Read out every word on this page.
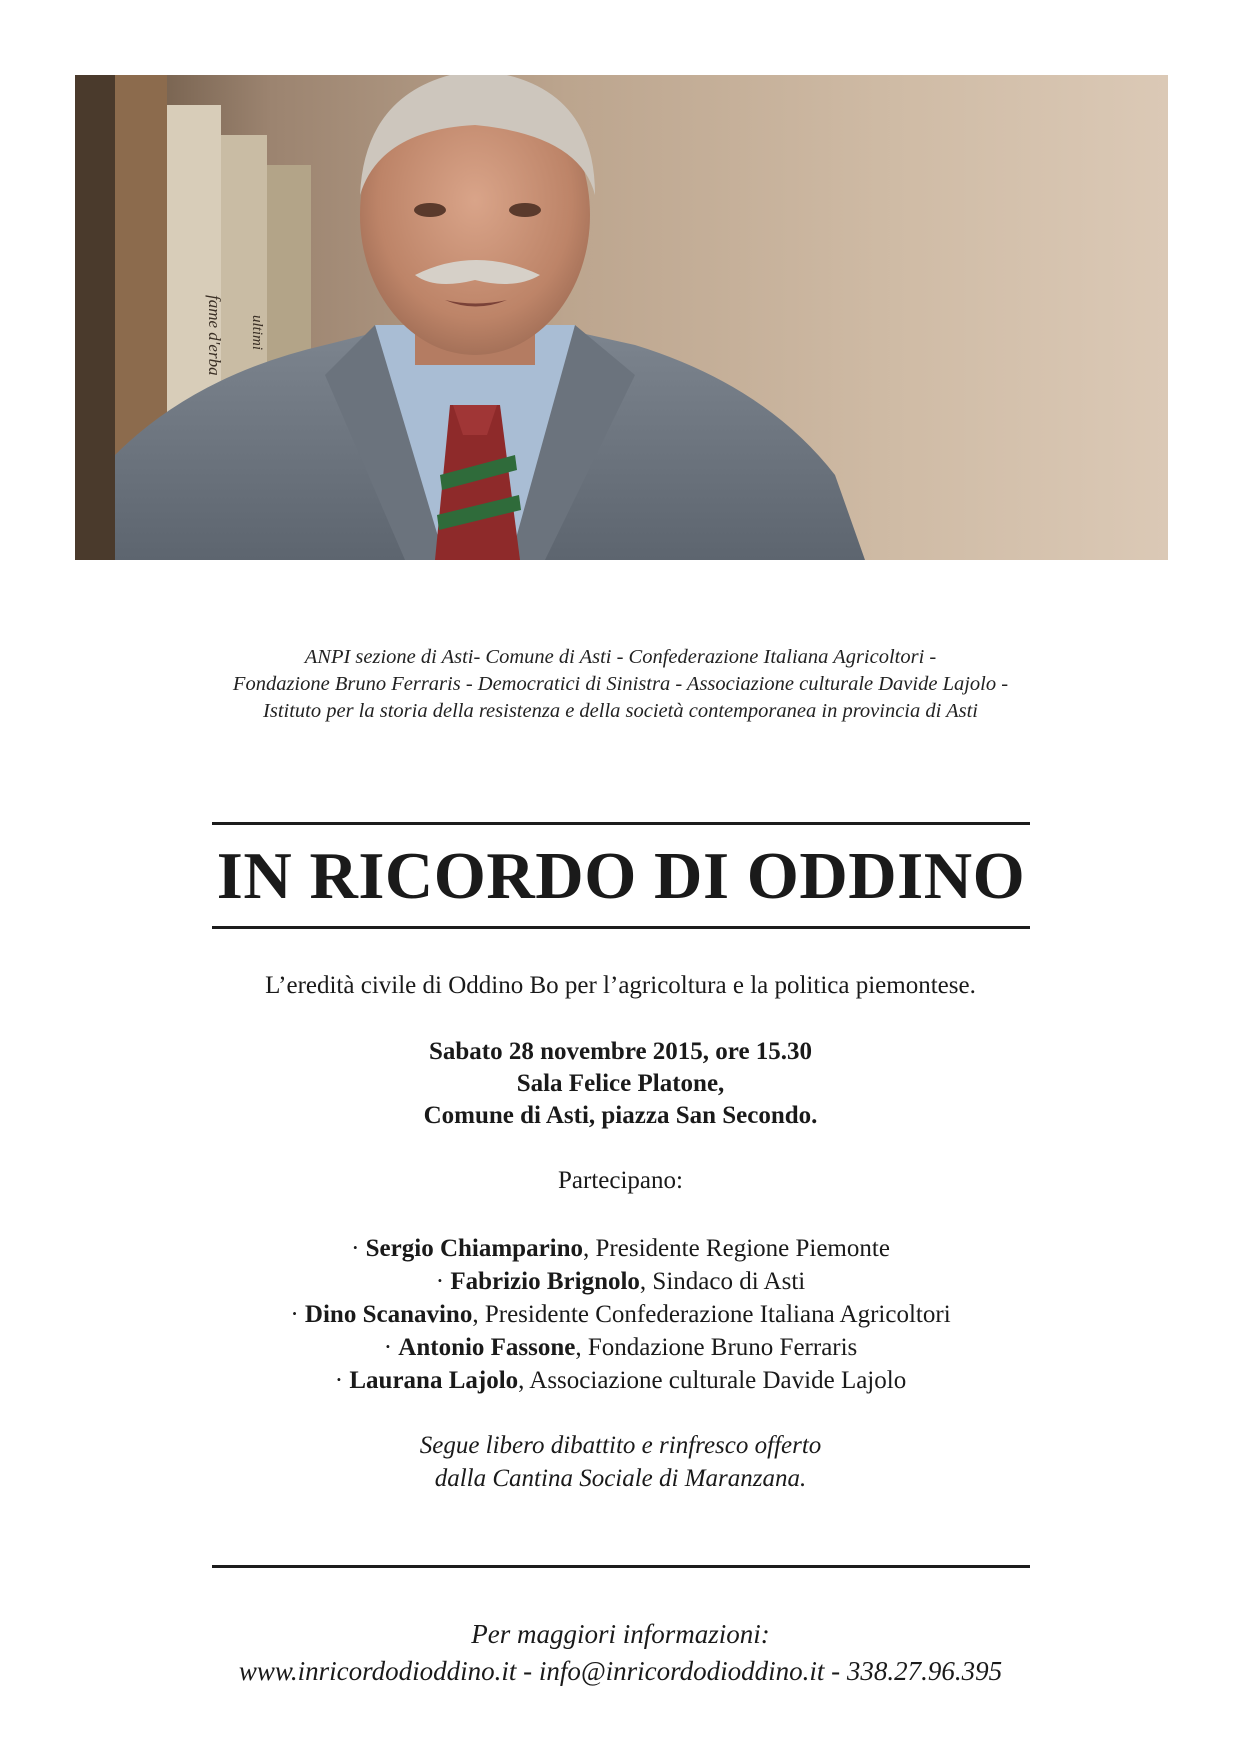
fame d'erba ultimi
ANPI sezione di Asti- Comune di Asti - Confederazione Italiana Agricoltori -
Fondazione Bruno Ferraris - Democratici di Sinistra - Associazione culturale Davide Lajolo -
Istituto per la storia della resistenza e della società contemporanea in provincia di Asti
IN RICORDO DI ODDINO
L’eredità civile di Oddino Bo per l’agricoltura e la politica piemontese.
Sabato 28 novembre 2015, ore 15.30
Sala Felice Platone,
Comune di Asti, piazza San Secondo.
Partecipano:
· Sergio Chiamparino, Presidente Regione Piemonte
· Fabrizio Brignolo, Sindaco di Asti
· Dino Scanavino, Presidente Confederazione Italiana Agricoltori
· Antonio Fassone, Fondazione Bruno Ferraris
· Laurana Lajolo, Associazione culturale Davide Lajolo
Segue libero dibattito e rinfresco offerto
dalla Cantina Sociale di Maranzana.
Per maggiori informazioni:
www.inricordodioddino.it - info@inricordodioddino.it - 338.27.96.395
